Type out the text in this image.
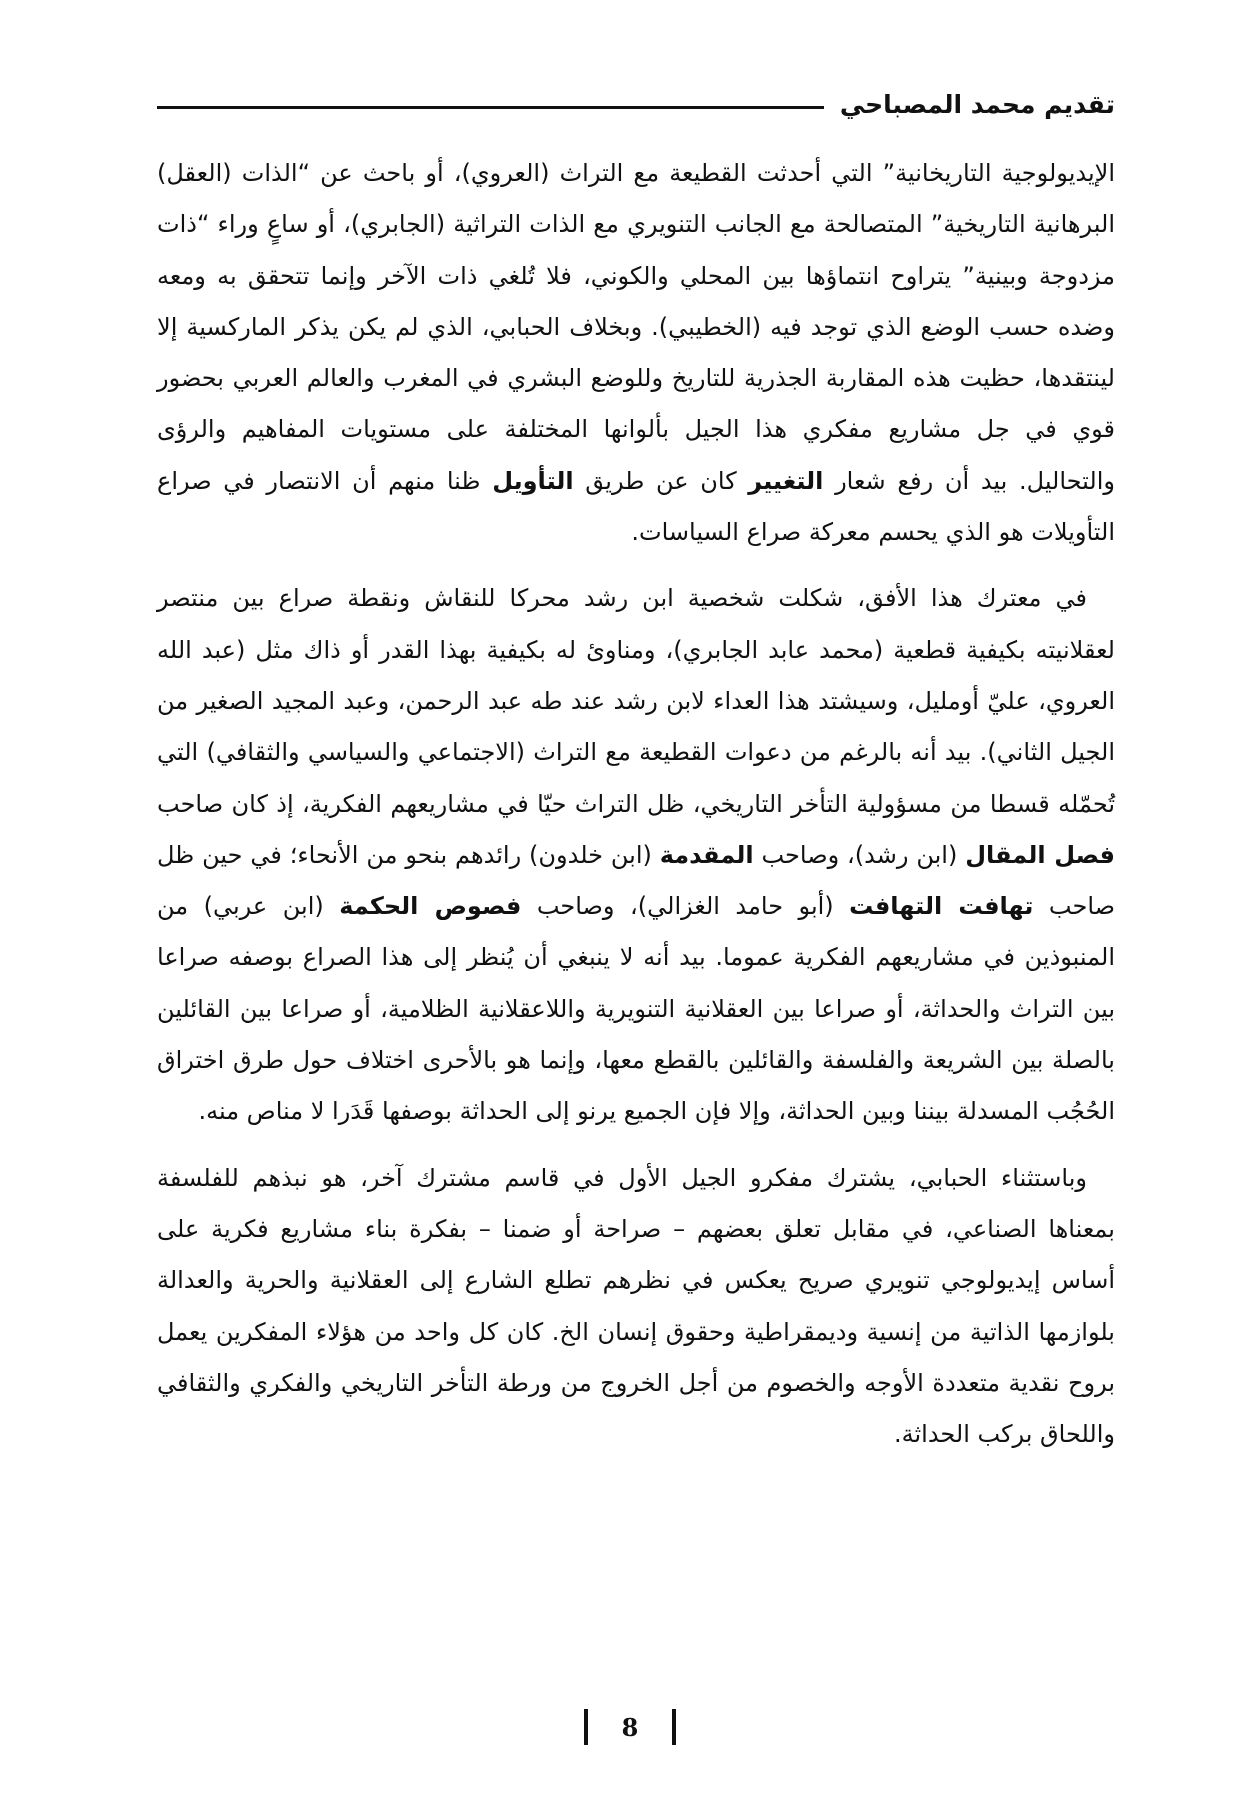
تقديم محمد المصباحي

الإيديولوجية التاريخانية” التي أحدثت القطيعة مع التراث (العروي)، أو باحث عن “الذات (العقل) البرهانية التاريخية” المتصالحة مع الجانب التنويري مع الذات التراثية (الجابري)، أو ساعٍ وراء “ذات مزدوجة وبينية” يتراوح انتماؤها بين المحلي والكوني، فلا تُلغي ذات الآخر وإنما تتحقق به ومعه وضده حسب الوضع الذي توجد فيه (الخطيبي). وبخلاف الحبابي، الذي لم يكن يذكر الماركسية إلا لينتقدها، حظيت هذه المقاربة الجذرية للتاريخ وللوضع البشري في المغرب والعالم العربي بحضور قوي في جل مشاريع مفكري هذا الجيل بألوانها المختلفة على مستويات المفاهيم والرؤى والتحاليل. بيد أن رفع شعار التغيير كان عن طريق التأويل ظنا منهم أن الانتصار في صراع التأويلات هو الذي يحسم معركة صراع السياسات.

في معترك هذا الأفق، شكلت شخصية ابن رشد محركا للنقاش ونقطة صراع بين منتصر لعقلانيته بكيفية قطعية (محمد عابد الجابري)، ومناوئ له بكيفية بهذا القدر أو ذاك مثل (عبد الله العروي، عليّ أومليل، وسيشتد هذا العداء لابن رشد عند طه عبد الرحمن، وعبد المجيد الصغير من الجيل الثاني). بيد أنه بالرغم من دعوات القطيعة مع التراث (الاجتماعي والسياسي والثقافي) التي تُحمّله قسطا من مسؤولية التأخر التاريخي، ظل التراث حيّا في مشاريعهم الفكرية، إذ كان صاحب فصل المقال (ابن رشد)، وصاحب المقدمة (ابن خلدون) رائدهم بنحو من الأنحاء؛ في حين ظل صاحب تهافت التهافت (أبو حامد الغزالي)، وصاحب فصوص الحكمة (ابن عربي) من المنبوذين في مشاريعهم الفكرية عموما. بيد أنه لا ينبغي أن يُنظر إلى هذا الصراع بوصفه صراعا بين التراث والحداثة، أو صراعا بين العقلانية التنويرية واللاعقلانية الظلامية، أو صراعا بين القائلين بالصلة بين الشريعة والفلسفة والقائلين بالقطع معها، وإنما هو بالأحرى اختلاف حول طرق اختراق الحُجُب المسدلة بيننا وبين الحداثة، وإلا فإن الجميع يرنو إلى الحداثة بوصفها قَدَرا لا مناص منه.

وباستثناء الحبابي، يشترك مفكرو الجيل الأول في قاسم مشترك آخر، هو نبذهم للفلسفة بمعناها الصناعي، في مقابل تعلق بعضهم – صراحة أو ضمنا – بفكرة بناء مشاريع فكرية على أساس إيديولوجي تنويري صريح يعكس في نظرهم تطلع الشارع إلى العقلانية والحرية والعدالة بلوازمها الذاتية من إنسية وديمقراطية وحقوق إنسان الخ. كان كل واحد من هؤلاء المفكرين يعمل بروح نقدية متعددة الأوجه والخصوم من أجل الخروج من ورطة التأخر التاريخي والفكري والثقافي واللحاق بركب الحداثة.

8
